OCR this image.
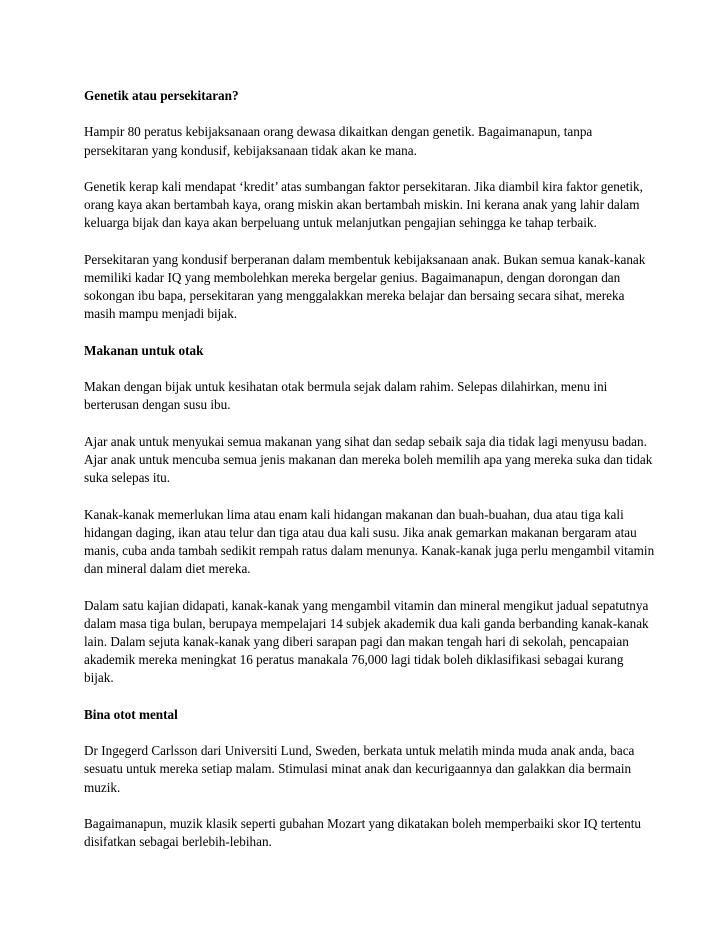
Genetik atau persekitaran?

Hampir 80 peratus kebijaksanaan orang dewasa dikaitkan dengan genetik. Bagaimanapun, tanpa persekitaran yang kondusif, kebijaksanaan tidak akan ke mana.

Genetik kerap kali mendapat ‘kredit’ atas sumbangan faktor persekitaran. Jika diambil kira faktor genetik, orang kaya akan bertambah kaya, orang miskin akan bertambah miskin. Ini kerana anak yang lahir dalam keluarga bijak dan kaya akan berpeluang untuk melanjutkan pengajian sehingga ke tahap terbaik.

Persekitaran yang kondusif berperanan dalam membentuk kebijaksanaan anak. Bukan semua kanak-kanak memiliki kadar IQ yang membolehkan mereka bergelar genius. Bagaimanapun, dengan dorongan dan sokongan ibu bapa, persekitaran yang menggalakkan mereka belajar dan bersaing secara sihat, mereka masih mampu menjadi bijak.

Makanan untuk otak

Makan dengan bijak untuk kesihatan otak bermula sejak dalam rahim. Selepas dilahirkan, menu ini berterusan dengan susu ibu.

Ajar anak untuk menyukai semua makanan yang sihat dan sedap sebaik saja dia tidak lagi menyusu badan. Ajar anak untuk mencuba semua jenis makanan dan mereka boleh memilih apa yang mereka suka dan tidak suka selepas itu.

Kanak-kanak memerlukan lima atau enam kali hidangan makanan dan buah-buahan, dua atau tiga kali hidangan daging, ikan atau telur dan tiga atau dua kali susu. Jika anak gemarkan makanan bergaram atau manis, cuba anda tambah sedikit rempah ratus dalam menunya. Kanak-kanak juga perlu mengambil vitamin dan mineral dalam diet mereka.

Dalam satu kajian didapati, kanak-kanak yang mengambil vitamin dan mineral mengikut jadual sepatutnya dalam masa tiga bulan, berupaya mempelajari 14 subjek akademik dua kali ganda berbanding kanak-kanak lain. Dalam sejuta kanak-kanak yang diberi sarapan pagi dan makan tengah hari di sekolah, pencapaian akademik mereka meningkat 16 peratus manakala 76,000 lagi tidak boleh diklasifikasi sebagai kurang bijak.

Bina otot mental

Dr Ingegerd Carlsson dari Universiti Lund, Sweden, berkata untuk melatih minda muda anak anda, baca sesuatu untuk mereka setiap malam. Stimulasi minat anak dan kecurigaannya dan galakkan dia bermain muzik.

Bagaimanapun, muzik klasik seperti gubahan Mozart yang dikatakan boleh memperbaiki skor IQ tertentu disifatkan sebagai berlebih-lebihan.
